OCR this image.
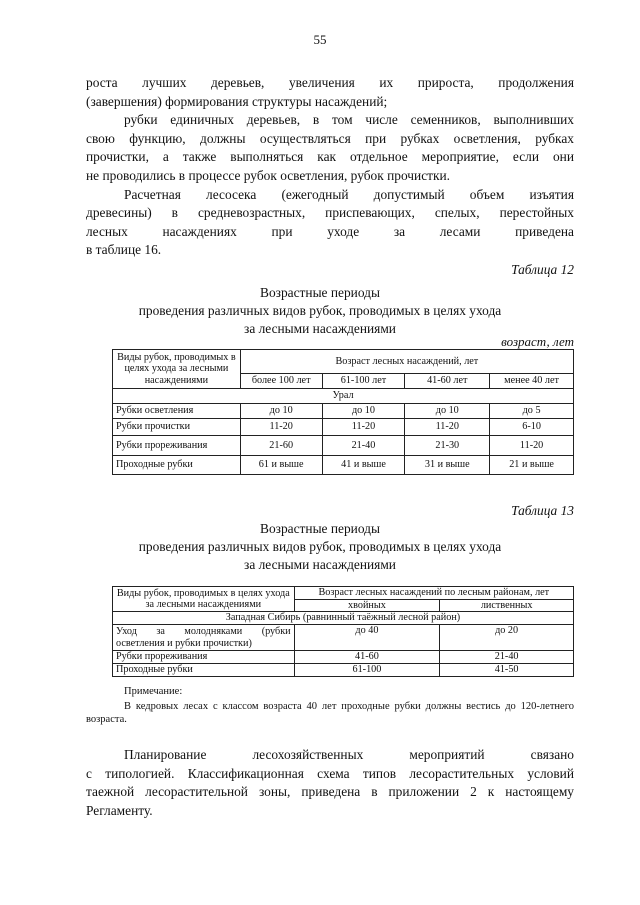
55
роста лучших деревьев, увеличения их прироста, продолжения
(завершения) формирования структуры насаждений;
рубки единичных деревьев, в том числе семенников, выполнивших
свою функцию, должны осуществляться при рубках осветления, рубках
прочистки, а также выполняться как отдельное мероприятие, если они
не проводились в процессе рубок осветления, рубок прочистки.
Расчетная лесосека (ежегодный допустимый объем изъятия
древесины) в средневозрастных, приспевающих, спелых, перестойных
лесных насаждениях при уходе за лесами приведена
в таблице 16.
Таблица 12
Возрастные периоды
проведения различных видов рубок, проводимых в целях ухода
за лесными насаждениями
возраст, лет
Виды рубок, проводимых в целях ухода за лесными насаждениями	Возраст лесных насаждений, лет			
	более 100 лет	61-100 лет	41-60 лет	менее 40 лет
Урал				
Рубки осветления	до 10	до 10	до 10	до 5
Рубки прочистки	11-20	11-20	11-20	6-10
Рубки прореживания	21-60	21-40	21-30	11-20
Проходные рубки	61 и выше	41 и выше	31 и выше	21 и выше
Таблица 13
Возрастные периоды
проведения различных видов рубок, проводимых в целях ухода
за лесными насаждениями
Виды рубок, проводимых в целях ухода за лесными насаждениями	Возраст лесных насаждений по лесным районам, лет	
	хвойных	лиственных
Западная Сибирь (равнинный таёжный лесной район)		
Уход за молодняками (рубки осветления и рубки прочистки)	до 40	до 20
Рубки прореживания	41-60	21-40
Проходные рубки	61-100	41-50
Примечание:
В кедровых лесах с классом возраста 40 лет проходные рубки должны вестись до 120-летнего возраста.
Планирование лесохозяйственных мероприятий связано
с типологией. Классификационная схема типов лесорастительных условий
таежной лесорастительной зоны, приведена в приложении 2 к настоящему
Регламенту.
